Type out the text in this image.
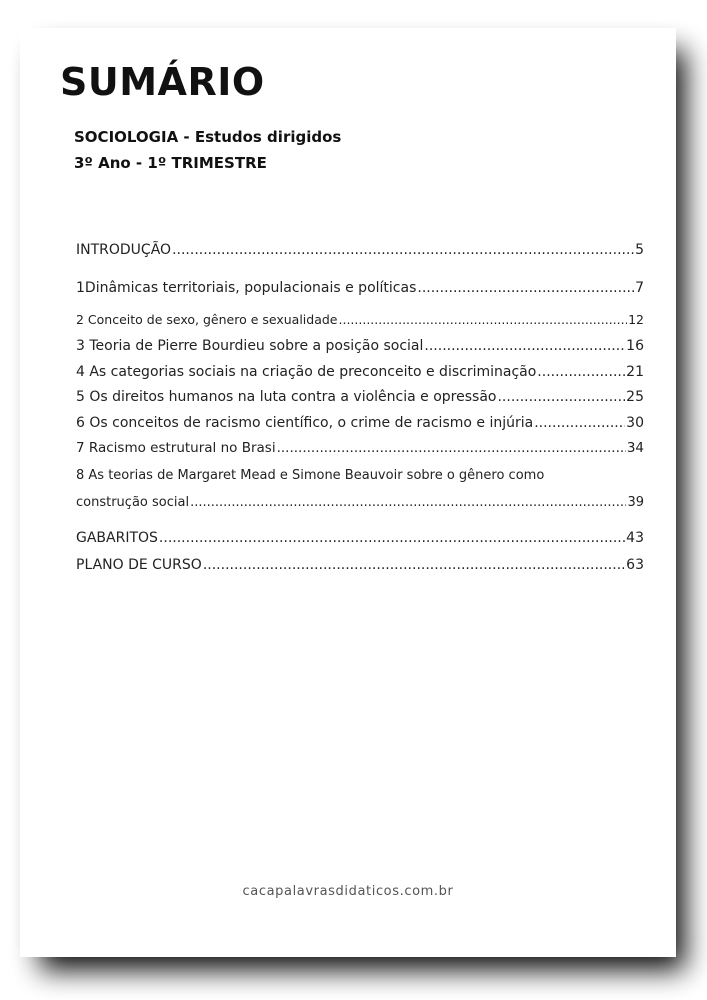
SUMÁRIO
SOCIOLOGIA - Estudos dirigidos
3º Ano - 1º TRIMESTRE
INTRODUÇÃO .....	5
1Dinâmicas territoriais, populacionais e políticas .....	7
2 Conceito de sexo, gênero e sexualidade .....	12
3 Teoria de Pierre Bourdieu sobre a posição social .....	16
4 As categorias sociais na criação de preconceito e discriminação .....	21
5 Os direitos humanos na luta contra a violência e opressão .....	25
6 Os conceitos de racismo científico, o crime de racismo e injúria .....	30
7 Racismo estrutural no Brasi .....	34
8 As teorias de Margaret Mead e Simone Beauvoir sobre o gênero como
construção social .....	39
GABARITOS .....	43
PLANO DE CURSO .....	63
cacapalavrasdidaticos.com.br
